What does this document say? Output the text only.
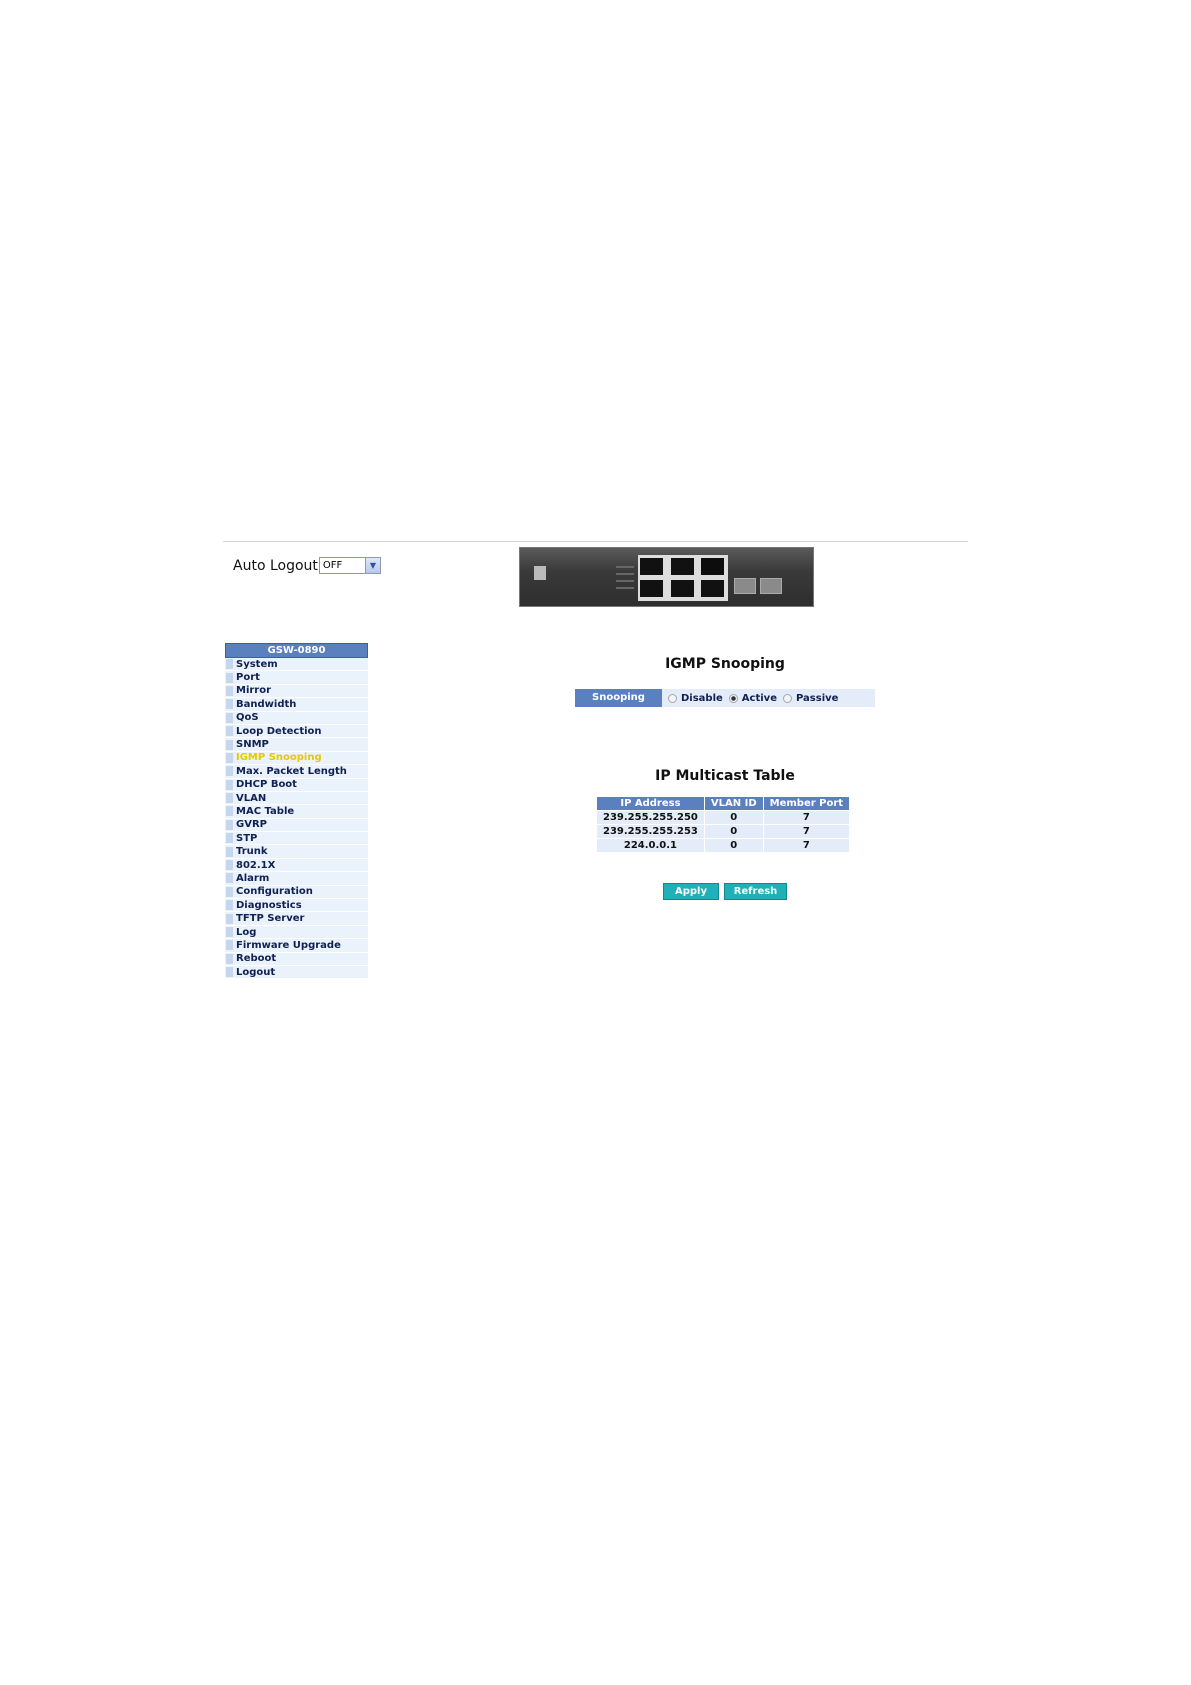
Auto Logout OFF	▼
GSW-0890
System
Port
Mirror
Bandwidth
QoS
Loop Detection
SNMP
IGMP Snooping
Max. Packet Length
DHCP Boot
VLAN
MAC Table
GVRP
STP
Trunk
802.1X
Alarm
Configuration
Diagnostics
TFTP Server
Log
Firmware Upgrade
Reboot
Logout
IGMP Snooping
Snooping Mode
Disable Active Passive
IP Multicast Table
IP Address	VLAN ID	Member Port
239.255.255.250	0	7
239.255.255.253	0	7
224.0.0.1	0	7
Apply	Refresh
